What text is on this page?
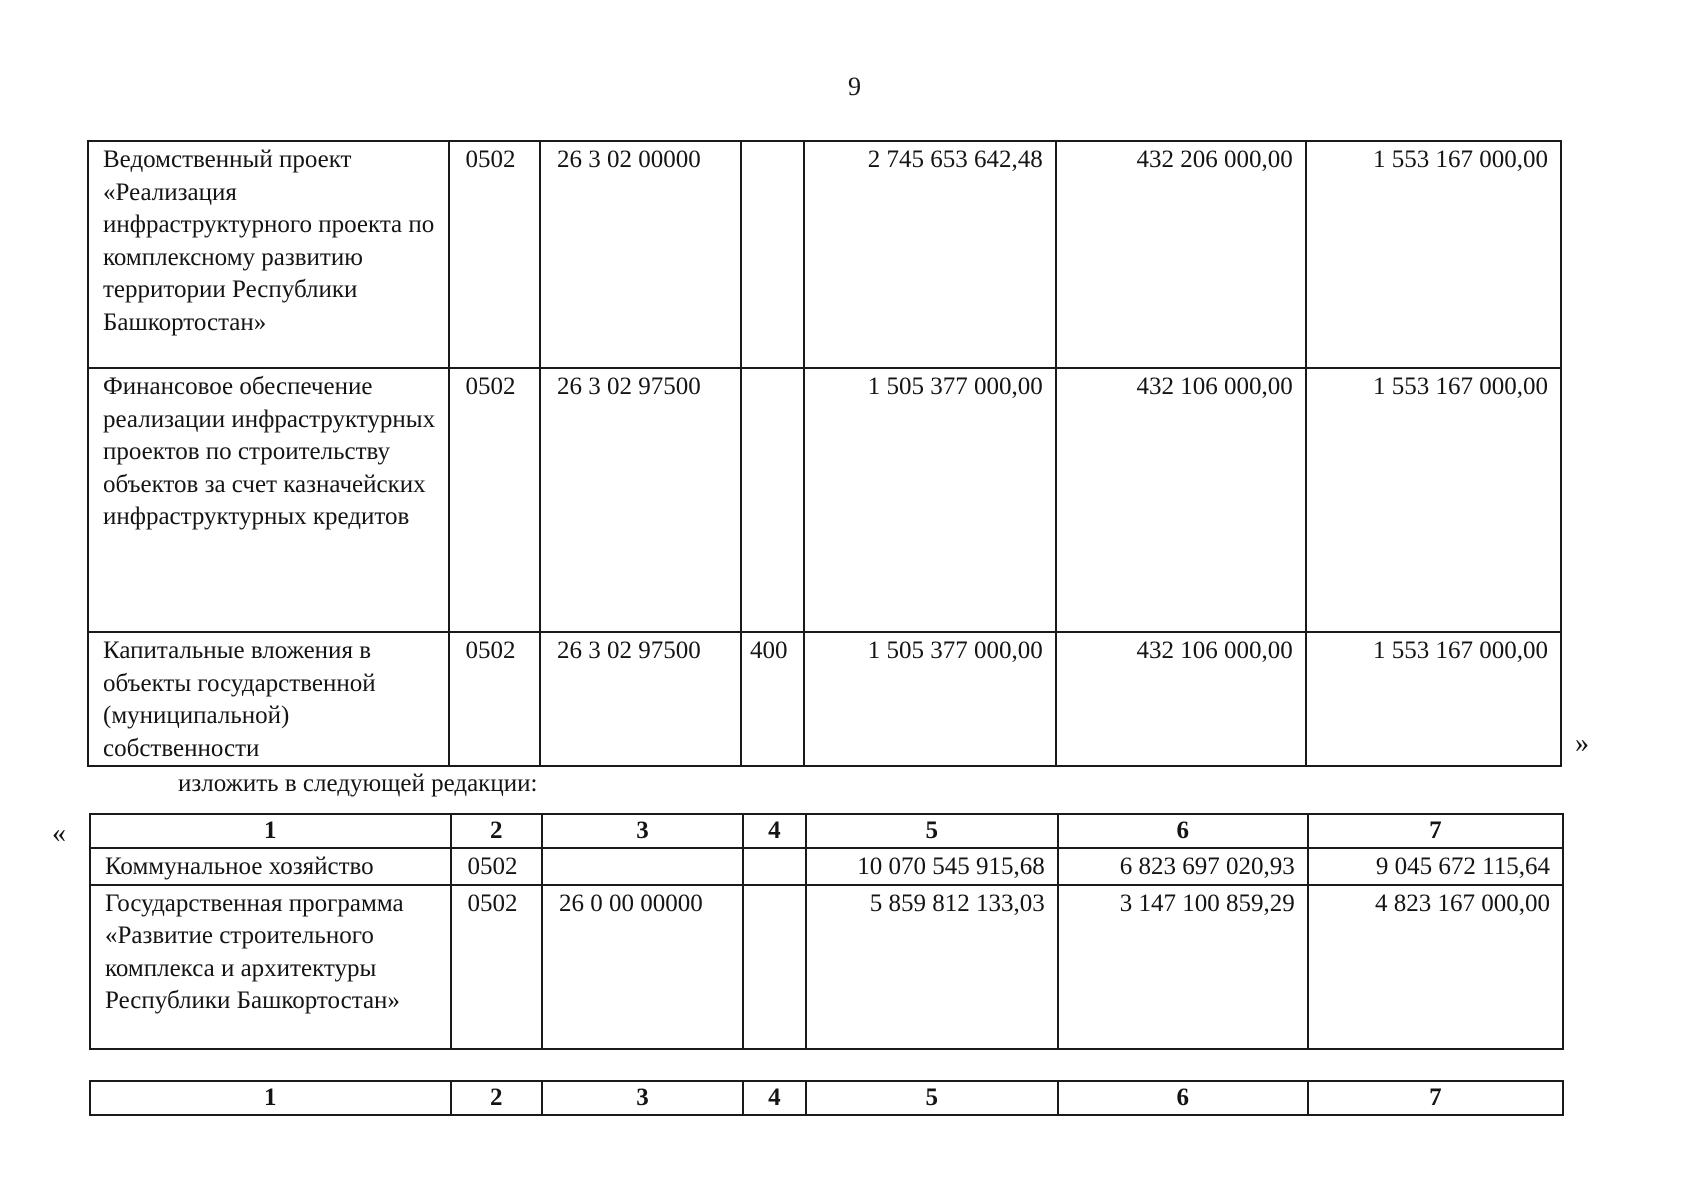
9
Ведомственный проект «Реализация инфраструктурного проекта по комплексному развитию территории Республики Башкортостан»	0502	26 3 02 00000		2 745 653 642,48	432 206 000,00	1 553 167 000,00
Финансовое обеспечение реализации инфраструктурных проектов по строительству объектов за счет казначейских инфраструктурных кредитов	0502	26 3 02 97500		1 505 377 000,00	432 106 000,00	1 553 167 000,00
Капитальные вложения в объекты государственной (муниципальной) собственности	0502	26 3 02 97500	400	1 505 377 000,00	432 106 000,00	1 553 167 000,00
»
изложить в следующей редакции:
«	1	2	3	4	5	6	7
Коммунальное хозяйство	0502			10 070 545 915,68	6 823 697 020,93	9 045 672 115,64
Государственная программа «Развитие строительного комплекса и архитектуры Республики Башкортостан»	0502	26 0 00 00000		5 859 812 133,03	3 147 100 859,29	4 823 167 000,00
1	2	3	4	5	6	7
